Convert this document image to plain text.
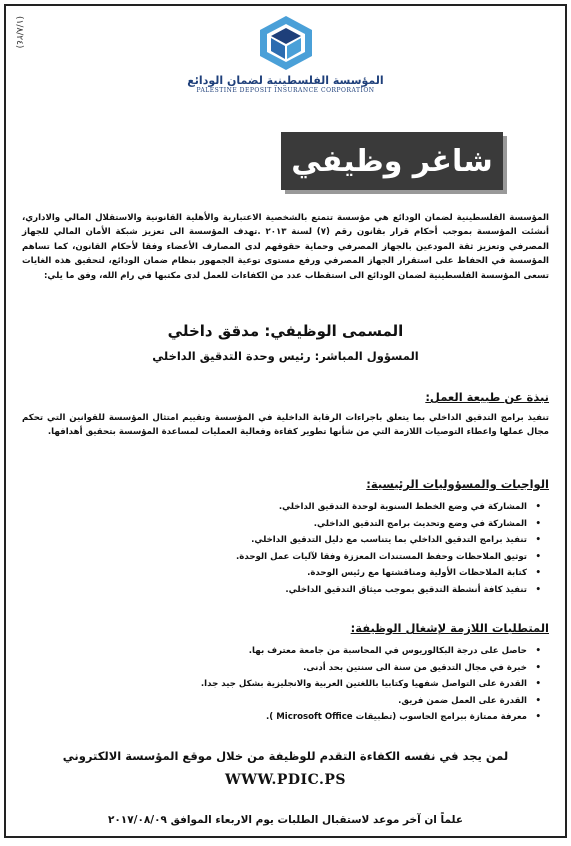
(١/٨/٢٤)
المؤسسة الفلسطينية لضمان الودائع
PALESTINE DEPOSIT INSURANCE CORPORATION
شاغر وظيفي
المؤسسة الفلسطينية لضمان الودائع هي مؤسسة تتمتع بالشخصية الاعتبارية والأهلية القانونية والاستقلال المالي والاداري، أنشئت المؤسسة بموجب أحكام قرار بقانون رقم (٧) لسنة ٢٠١٣ .تهدف المؤسسة الى تعزيز شبكة الأمان المالي للجهاز المصرفي وتعزيز ثقة المودعين بالجهاز المصرفي وحماية حقوقهم لدى المصارف الأعضاء وفقا لأحكام القانون، كما تساهم المؤسسة في الحفاظ على استقرار الجهاز المصرفي ورفع مستوى توعية الجمهور بنظام ضمان الودائع، لتحقيق هذه الغايات تسعى المؤسسة الفلسطينية لضمان الودائع الى استقطاب عدد من الكفاءات للعمل لدى مكتبها في رام الله، وفق ما يلي:
المسمى الوظيفي: مدقق داخلي
المسؤول المباشر: رئيس وحدة التدقيق الداخلي
نبذة عن طبيعة العمل:
تنفيذ برامج التدقيق الداخلي بما يتعلق باجراءات الرقابة الداخلية في المؤسسة وتقييم امتثال المؤسسة للقوانين التي تحكم مجال عملها واعطاء التوصيات اللازمة التي من شأنها تطوير كفاءة وفعالية العمليات لمساعدة المؤسسة بتحقيق أهدافها.
الواجبات والمسؤوليات الرئيسية:
• المشاركة في وضع الخطط السنوية لوحدة التدقيق الداخلي.
• المشاركة في وضع وتحديث برامج التدقيق الداخلي.
• تنفيذ برامج التدقيق الداخلي بما يتناسب مع دليل التدقيق الداخلي.
• توثيق الملاحظات وحفظ المستندات المعززة وفقا لآليات عمل الوحدة.
• كتابة الملاحظات الأولية ومناقشتها مع رئيس الوحدة.
• تنفيذ كافة أنشطة التدقيق بموجب ميثاق التدقيق الداخلي.
المتطلبات اللازمة لإشغال الوظيفة:
• حاصل على درجة البكالوريوس في المحاسبة من جامعة معترف بها.
• خبرة في مجال التدقيق من سنة الى سنتين بحد أدنى.
• القدرة على التواصل شفهيا وكتابيا باللغتين العربية والانجليزية بشكل جيد جدا.
• القدرة على العمل ضمن فريق.
• معرفة ممتازة ببرامج الحاسوب (تطبيقات Microsoft Office ).
لمن يجد في نفسه الكفاءة التقدم للوظيفة من خلال موقع المؤسسة الالكتروني
WWW.PDIC.PS
علماً ان آخر موعد لاستقبال الطلبات يوم الاربعاء الموافق ٢٠١٧/٠٨/٠٩
